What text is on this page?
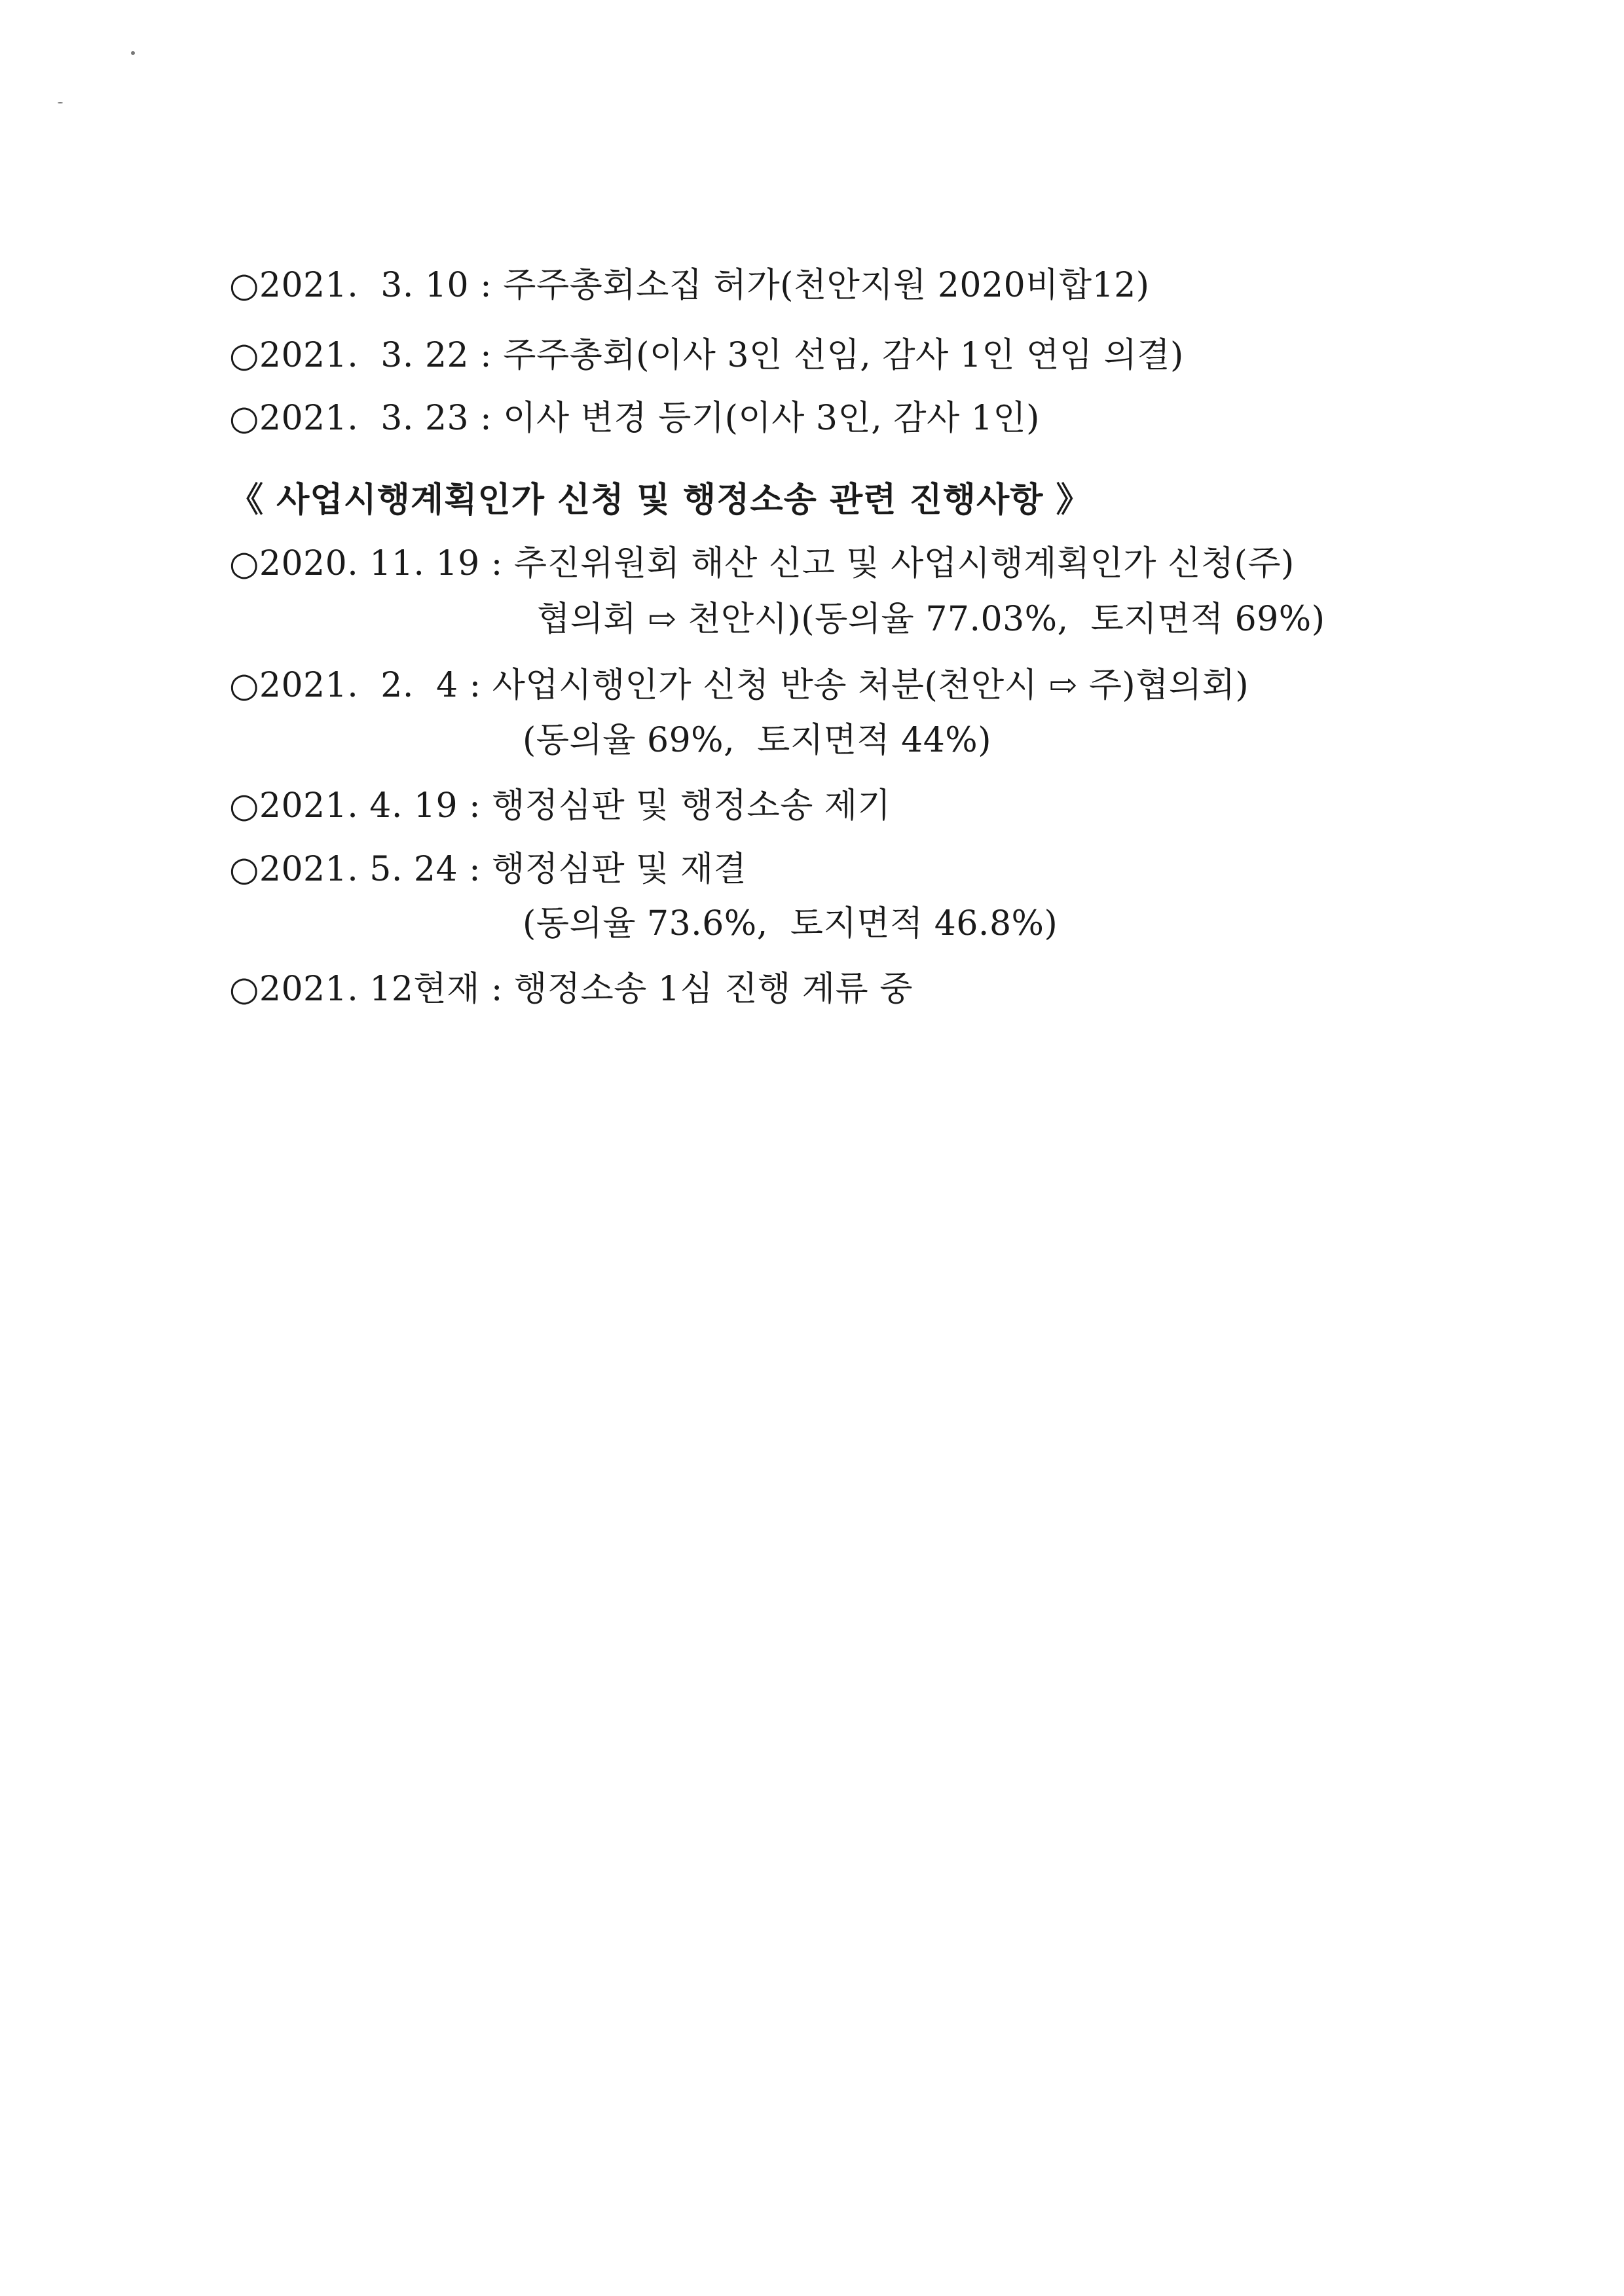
○2021.  3. 10 : 주주총회소집 허가(천안지원 2020비합12)
○2021.  3. 22 : 주주총회(이사 3인 선임, 감사 1인 연임 의결)
○2021.  3. 23 : 이사 변경 등기(이사 3인, 감사 1인)
《 사업시행계획인가 신청 및 행정소송 관련 진행사항 》
○2020. 11. 19 : 추진위원회 해산 신고 및 사업시행계획인가 신청(주)
협의회 ⇨ 천안시)(동의율 77.03%,  토지면적 69%)
○2021.  2.  4 : 사업시행인가 신청 반송 처분(천안시 ⇨ 주)협의회)
(동의율 69%,  토지면적 44%)
○2021. 4. 19 : 행정심판 및 행정소송 제기
○2021. 5. 24 : 행정심판 및 재결
(동의율 73.6%,  토지면적 46.8%)
○2021. 12현재 : 행정소송 1심 진행 계류 중
